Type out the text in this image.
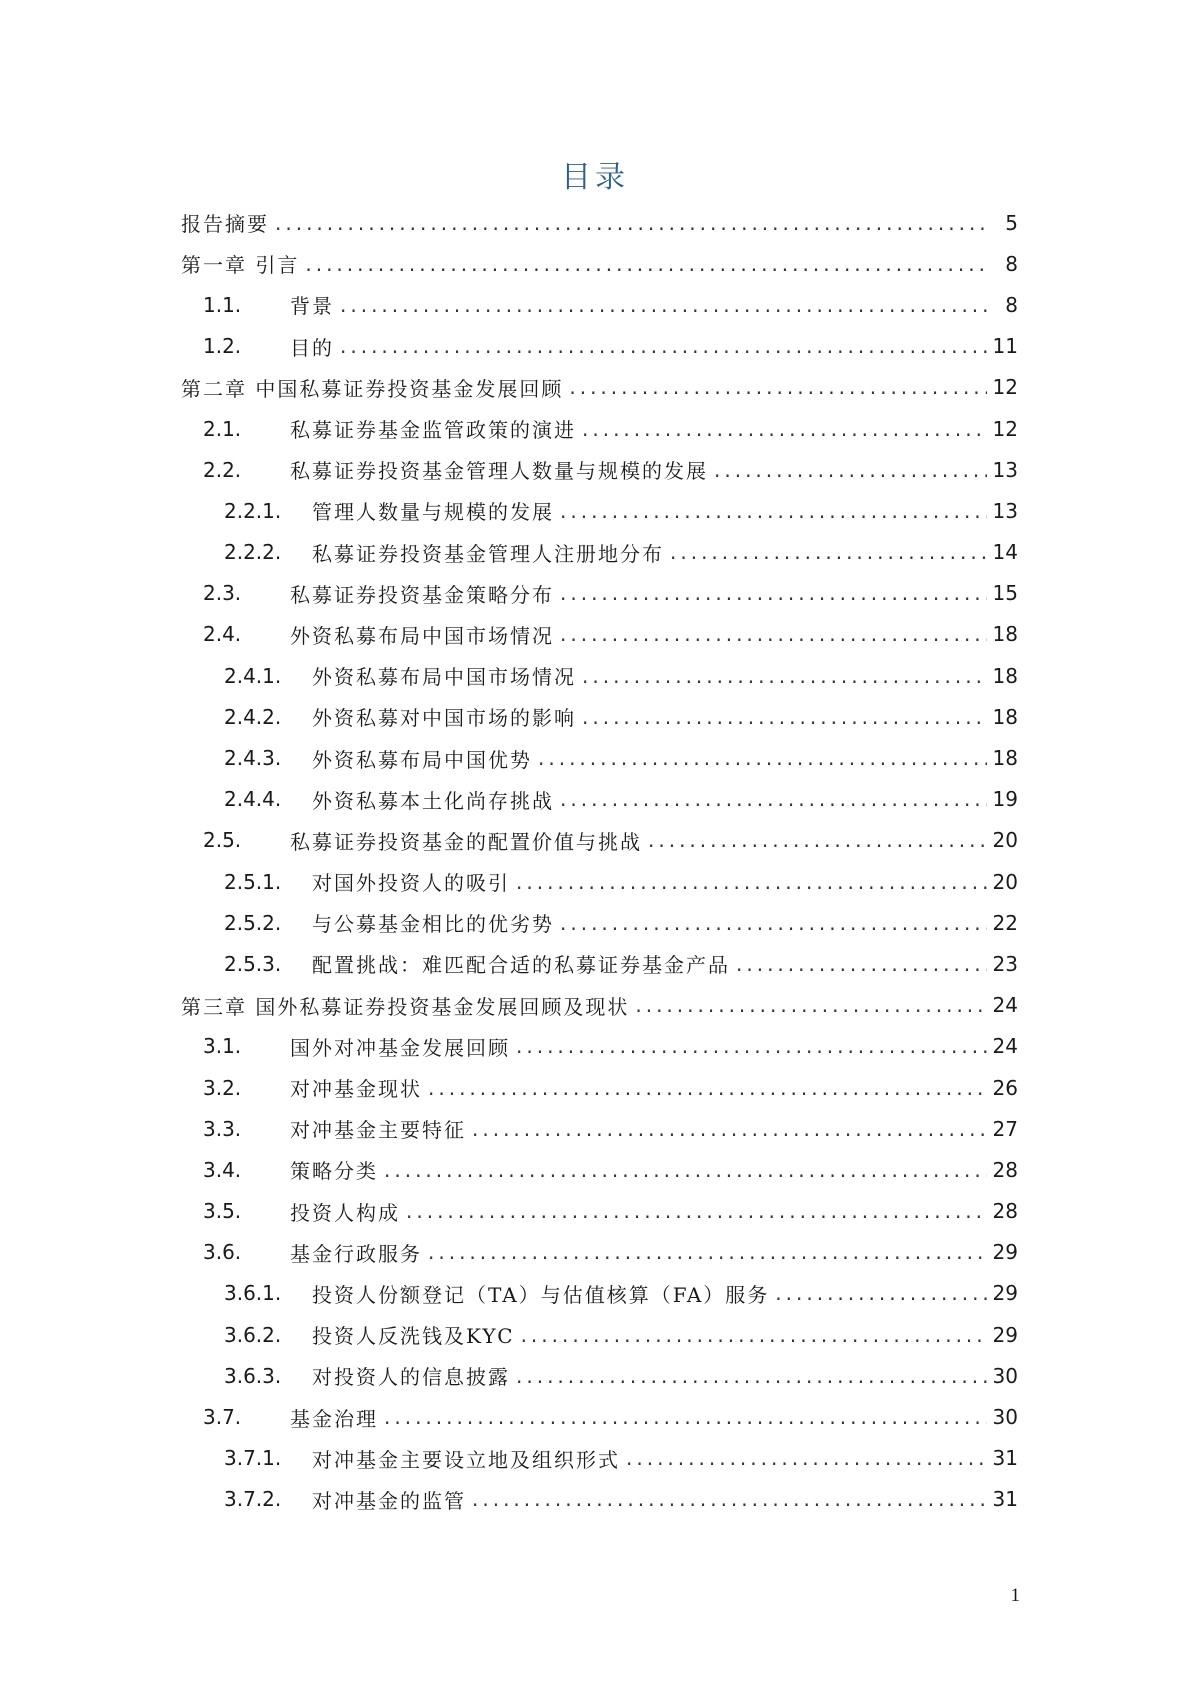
目录
报告摘要 .....	5
第一章 引言 .....	8
1.1.	背景 .....	8
1.2.	目的 .....	11
第二章 中国私募证券投资基金发展回顾 .....	12
2.1.	私募证券基金监管政策的演进 .....	12
2.2.	私募证券投资基金管理人数量与规模的发展 .....	13
2.2.1.	管理人数量与规模的发展 .....	13
2.2.2.	私募证券投资基金管理人注册地分布 .....	14
2.3.	私募证券投资基金策略分布 .....	15
2.4.	外资私募布局中国市场情况 .....	18
2.4.1.	外资私募布局中国市场情况 .....	18
2.4.2.	外资私募对中国市场的影响 .....	18
2.4.3.	外资私募布局中国优势 .....	18
2.4.4.	外资私募本土化尚存挑战 .....	19
2.5.	私募证券投资基金的配置价值与挑战 .....	20
2.5.1.	对国外投资人的吸引 .....	20
2.5.2.	与公募基金相比的优劣势 .....	22
2.5.3.	配置挑战：难匹配合适的私募证券基金产品 .....	23
第三章 国外私募证券投资基金发展回顾及现状 .....	24
3.1.	国外对冲基金发展回顾 .....	24
3.2.	对冲基金现状 .....	26
3.3.	对冲基金主要特征 .....	27
3.4.	策略分类 .....	28
3.5.	投资人构成 .....	28
3.6.	基金行政服务 .....	29
3.6.1.	投资人份额登记（TA）与估值核算（FA）服务 .....	29
3.6.2.	投资人反洗钱及KYC .....	29
3.6.3.	对投资人的信息披露 .....	30
3.7.	基金治理 .....	30
3.7.1.	对冲基金主要设立地及组织形式 .....	31
3.7.2.	对冲基金的监管 .....	31
1
